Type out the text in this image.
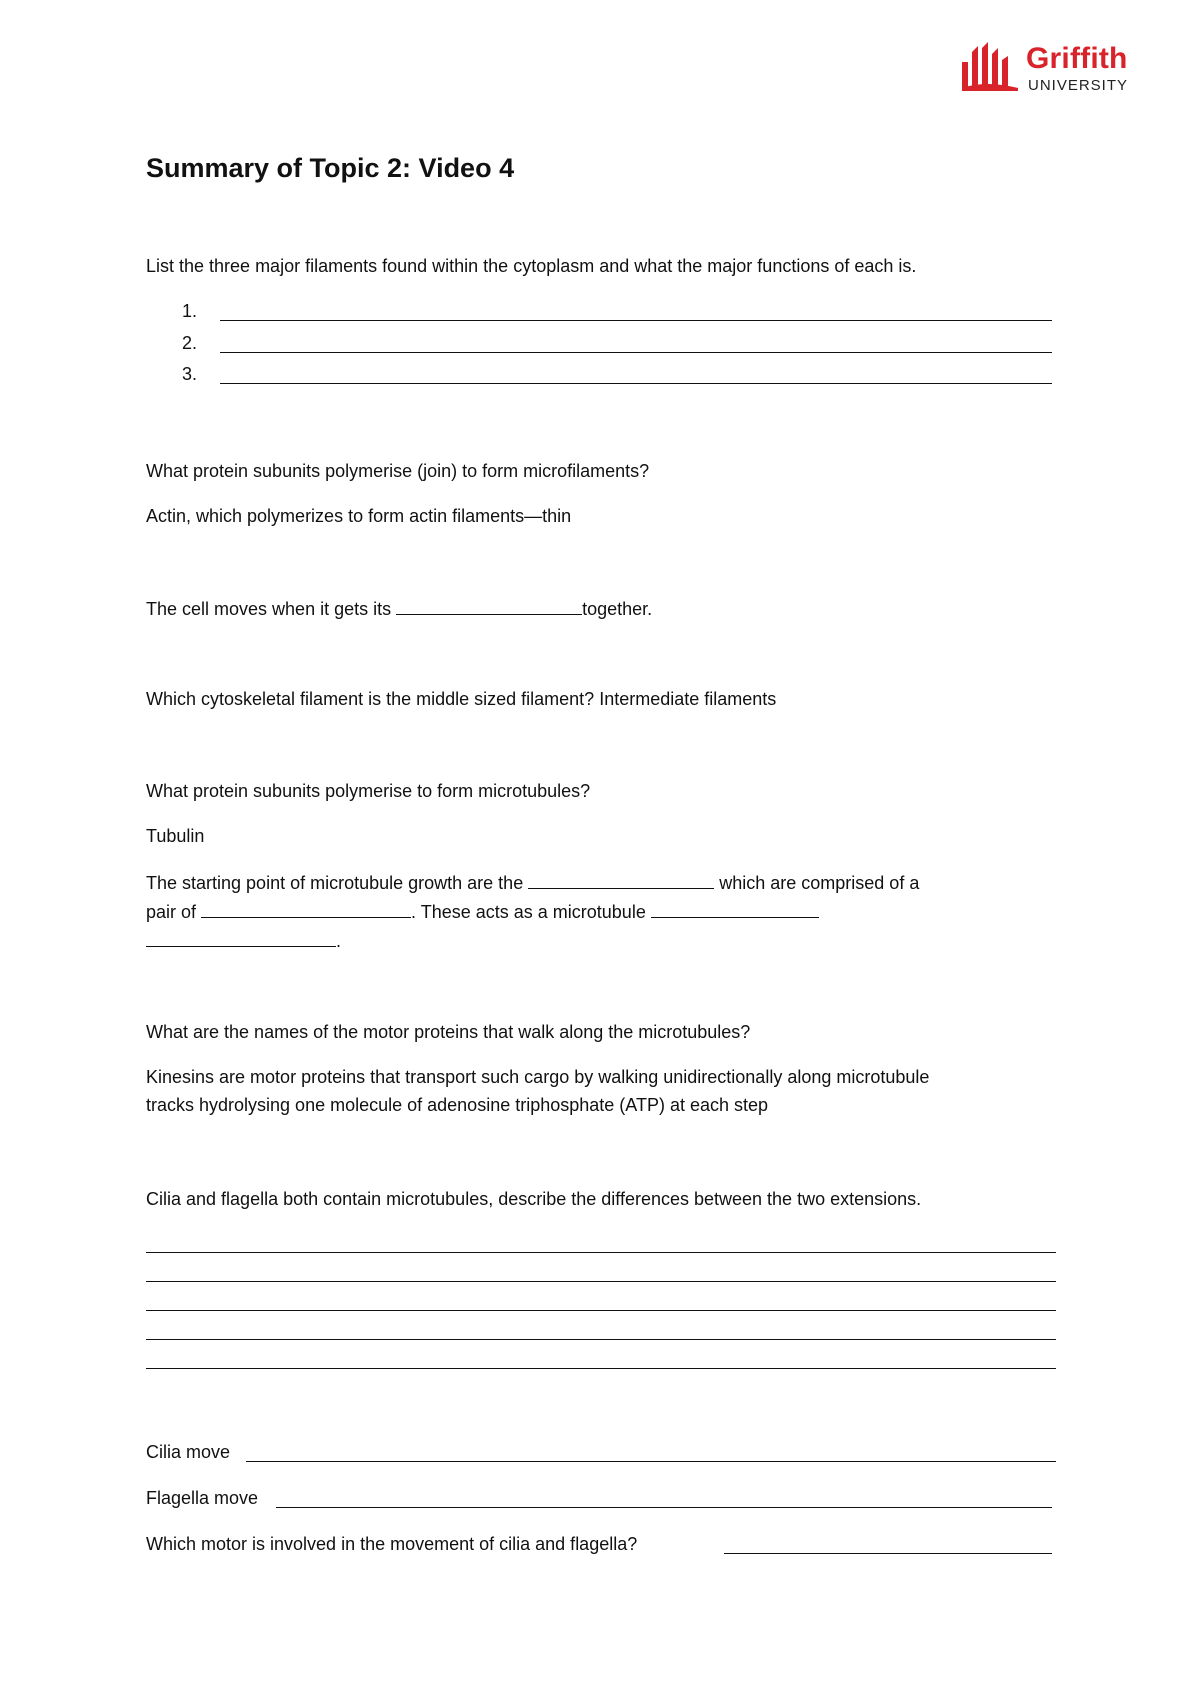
Griffith
UNIVERSITY
Summary of Topic 2: Video 4
List the three major filaments found within the cytoplasm and what the major functions of each is.
1.
2.
3.
What protein subunits polymerise (join) to form microfilaments?
Actin, which polymerizes to form actin filaments—thin
The cell moves when it gets its	together.
Which cytoskeletal filament is the middle sized filament? Intermediate filaments
What protein subunits polymerise to form microtubules?
Tubulin
The starting point of microtubule growth are the	which are comprised of a
pair of	. These acts as a microtubule
.
What are the names of the motor proteins that walk along the microtubules?
Kinesins are motor proteins that transport such cargo by walking unidirectionally along microtubule
tracks hydrolysing one molecule of adenosine triphosphate (ATP) at each step
Cilia and flagella both contain microtubules, describe the differences between the two extensions.
Cilia move
Flagella move
Which motor is involved in the movement of cilia and flagella?
